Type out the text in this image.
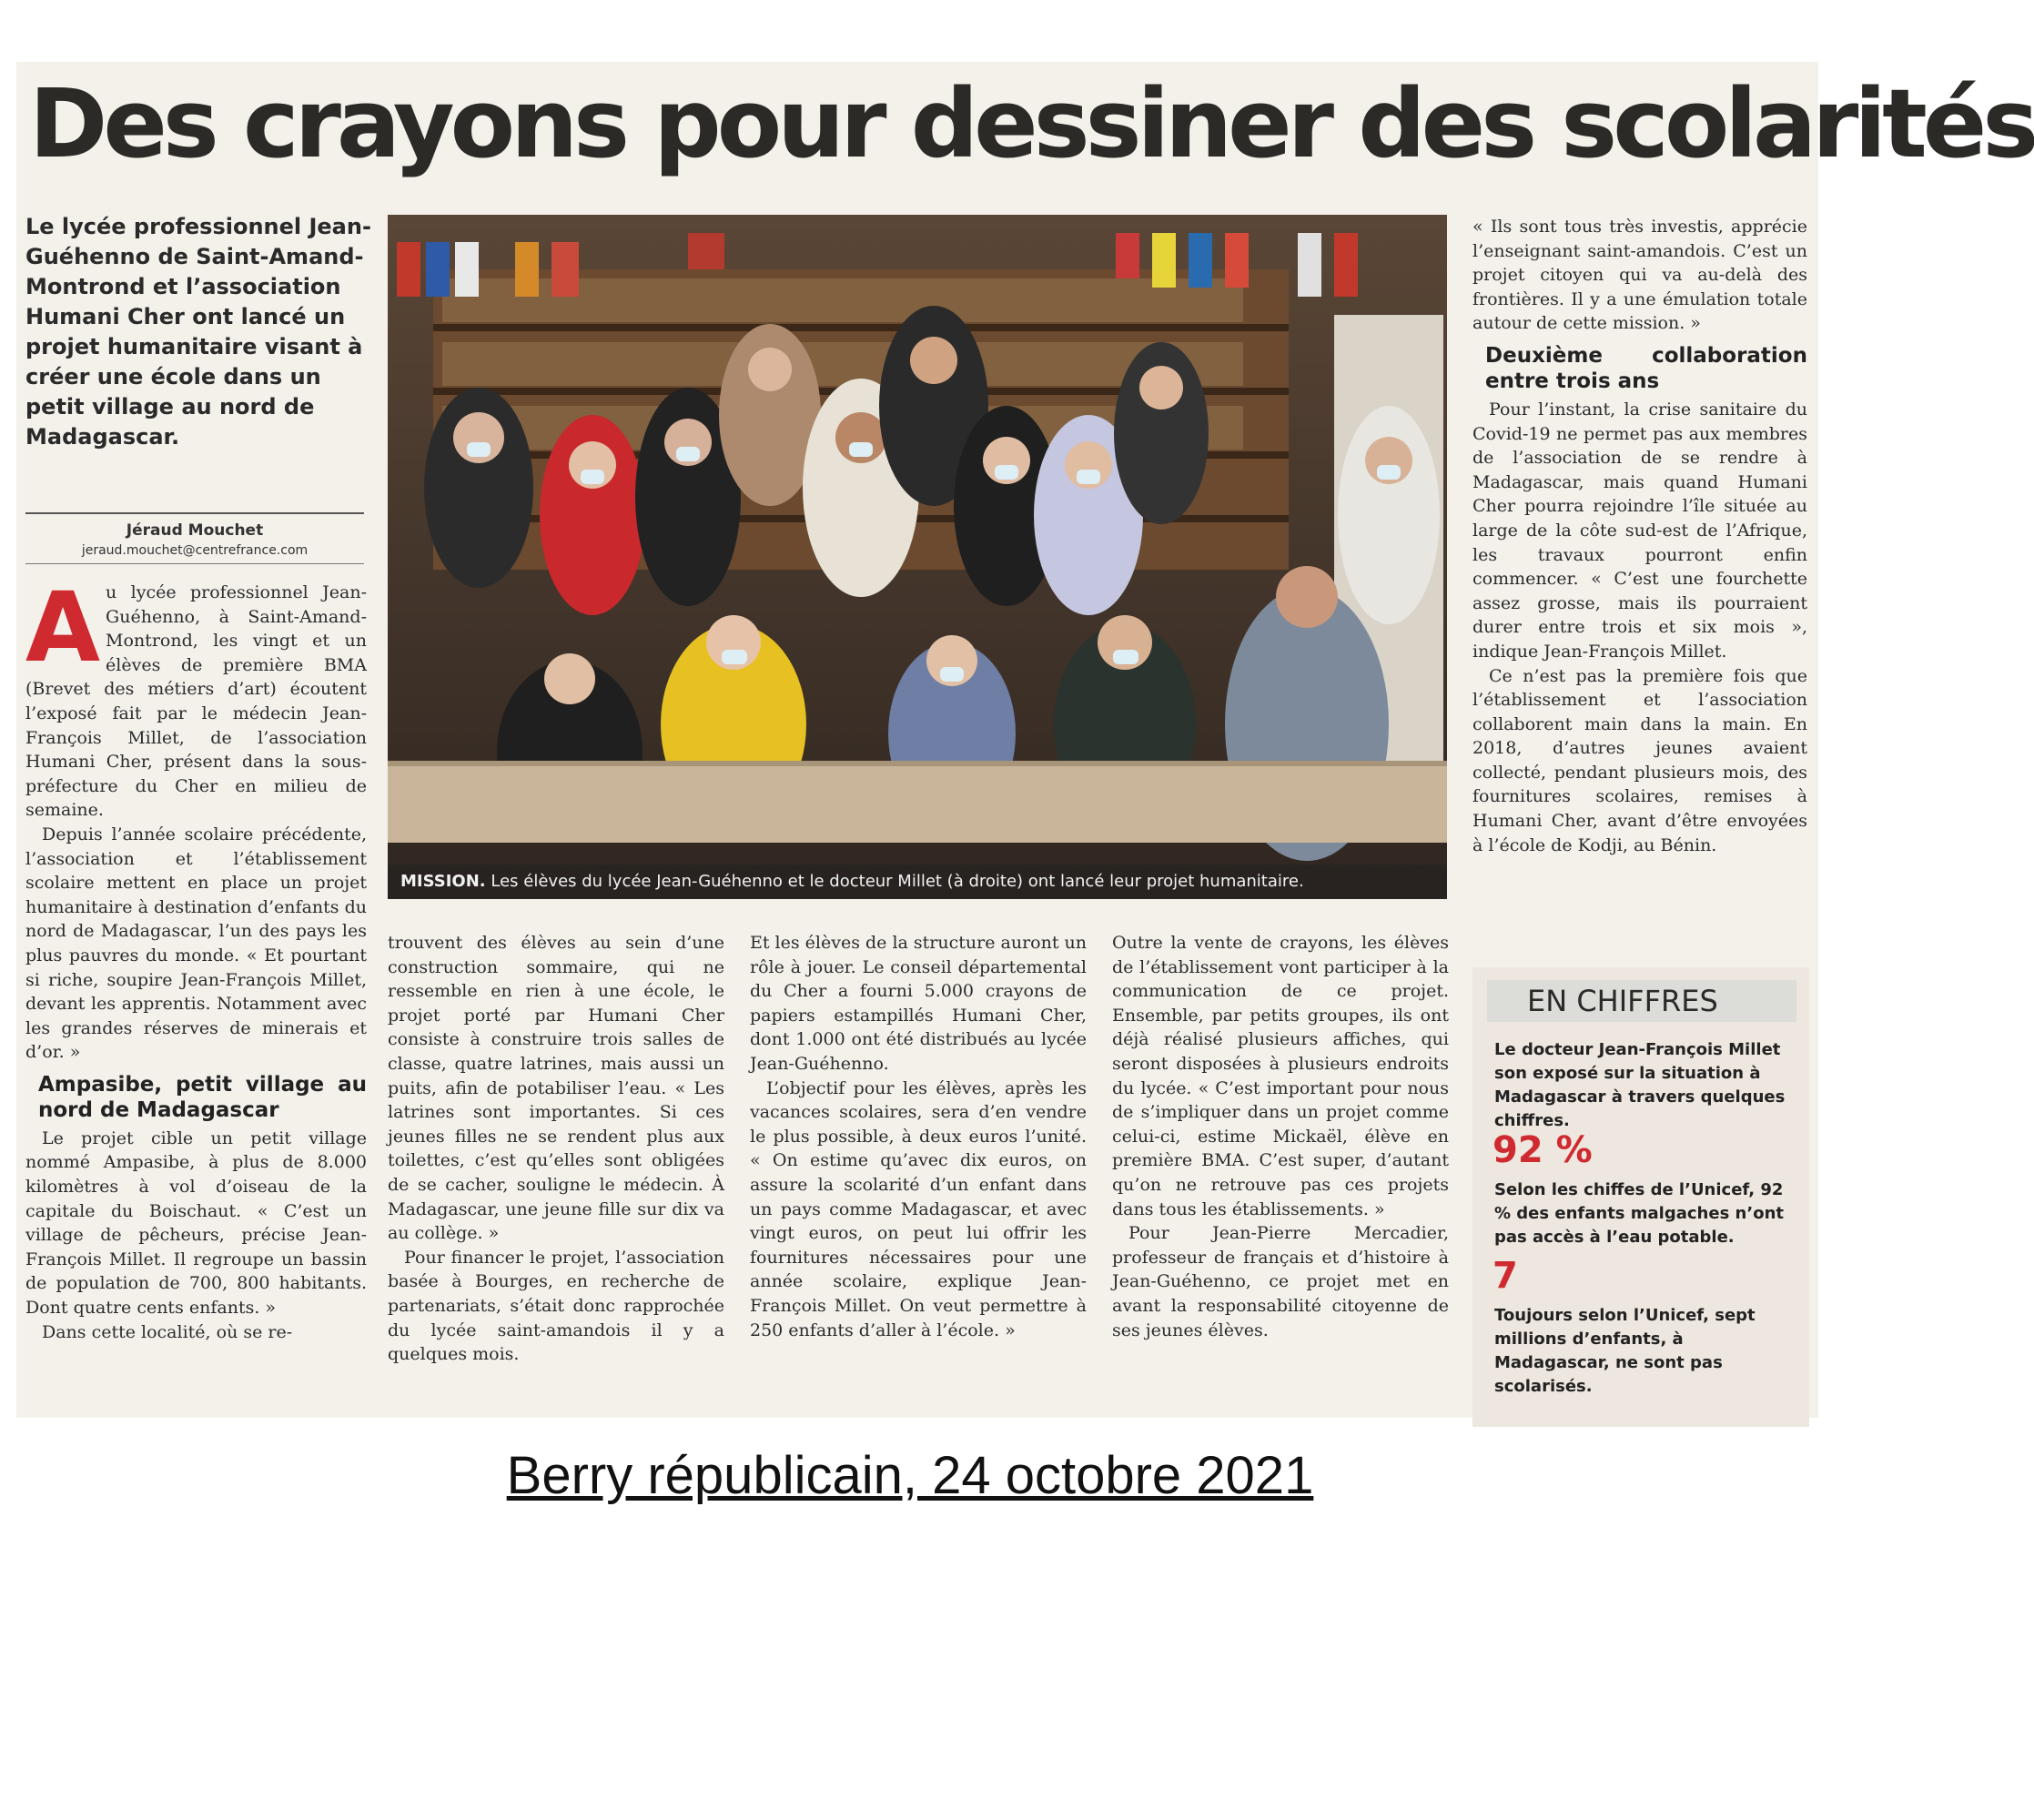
Des crayons pour dessiner des scolarités
Le lycée professionnel Jean-Guéhenno de Saint-Amand-Montrond et l’association Humani Cher ont lancé un projet humanitaire visant à créer une école dans un petit village au nord de Madagascar.
Jéraud Mouchet
jeraud.mouchet@centrefrance.com

Au lycée professionnel Jean-Guéhenno, à Saint-Amand-Montrond, les vingt et un élèves de première BMA (Brevet des métiers d’art) écoutent l’exposé fait par le médecin Jean-François Millet, de l’association Humani Cher, présent dans la sous-préfecture du Cher en milieu de semaine.

Depuis l’année scolaire précédente, l’association et l’établissement scolaire mettent en place un projet humanitaire à destination d’enfants du nord de Madagascar, l’un des pays les plus pauvres du monde. « Et pourtant si riche, soupire Jean-François Millet, devant les apprentis. Notamment avec les grandes réserves de minerais et d’or. »

Ampasibe, petit village au nord de Madagascar

Le projet cible un petit village nommé Ampasibe, à plus de 8.000 kilomètres à vol d’oiseau de la capitale du Boischaut. « C’est un village de pêcheurs, précise Jean-François Millet. Il regroupe un bassin de population de 700, 800 habitants. Dont quatre cents enfants. »

Dans cette localité, où se re-

MISSION. Les élèves du lycée Jean-Guéhenno et le docteur Millet (à droite) ont lancé leur projet humanitaire.

trouvent des élèves au sein d’une construction sommaire, qui ne ressemble en rien à une école, le projet porté par Humani Cher consiste à construire trois salles de classe, quatre latrines, mais aussi un puits, afin de potabiliser l’eau. « Les latrines sont importantes. Si ces jeunes filles ne se rendent plus aux toilettes, c’est qu’elles sont obligées de se cacher, souligne le médecin. À Madagascar, une jeune fille sur dix va au collège. »

Pour financer le projet, l’association basée à Bourges, en recherche de partenariats, s’était donc rapprochée du lycée saint-amandois il y a quelques mois.

Et les élèves de la structure auront un rôle à jouer. Le conseil départemental du Cher a fourni 5.000 crayons de papiers estampillés Humani Cher, dont 1.000 ont été distribués au lycée Jean-Guéhenno.

L’objectif pour les élèves, après les vacances scolaires, sera d’en vendre le plus possible, à deux euros l’unité. « On estime qu’avec dix euros, on assure la scolarité d’un enfant dans un pays comme Madagascar, et avec vingt euros, on peut lui offrir les fournitures nécessaires pour une année scolaire, explique Jean-François Millet. On veut permettre à 250 enfants d’aller à l’école. »

Outre la vente de crayons, les élèves de l’établissement vont participer à la communication de ce projet. Ensemble, par petits groupes, ils ont déjà réalisé plusieurs affiches, qui seront disposées à plusieurs endroits du lycée. « C’est important pour nous de s’impliquer dans un projet comme celui-ci, estime Mickaël, élève en première BMA. C’est super, d’autant qu’on ne retrouve pas ces projets dans tous les établissements. »

Pour Jean-Pierre Mercadier, professeur de français et d’histoire à Jean-Guéhenno, ce projet met en avant la responsabilité citoyenne de ses jeunes élèves.

« Ils sont tous très investis, apprécie l’enseignant saint-amandois. C’est un projet citoyen qui va au-delà des frontières. Il y a une émulation totale autour de cette mission. »

Deuxième collaboration entre trois ans

Pour l’instant, la crise sanitaire du Covid-19 ne permet pas aux membres de l’association de se rendre à Madagascar, mais quand Humani Cher pourra rejoindre l’île située au large de la côte sud-est de l’Afrique, les travaux pourront enfin commencer. « C’est une fourchette assez grosse, mais ils pourraient durer entre trois et six mois », indique Jean-François Millet.

Ce n’est pas la première fois que l’établissement et l’association collaborent main dans la main. En 2018, d’autres jeunes avaient collecté, pendant plusieurs mois, des fournitures scolaires, remises à Humani Cher, avant d’être envoyées à l’école de Kodji, au Bénin.

EN CHIFFRES
Le docteur Jean-François Millet son exposé sur la situation à Madagascar à travers quelques chiffres.
92 %
Selon les chiffes de l’Unicef, 92 % des enfants malgaches n’ont pas accès à l’eau potable.
7
Toujours selon l’Unicef, sept millions d’enfants, à Madagascar, ne sont pas scolarisés.
Berry républicain, 24 octobre 2021
